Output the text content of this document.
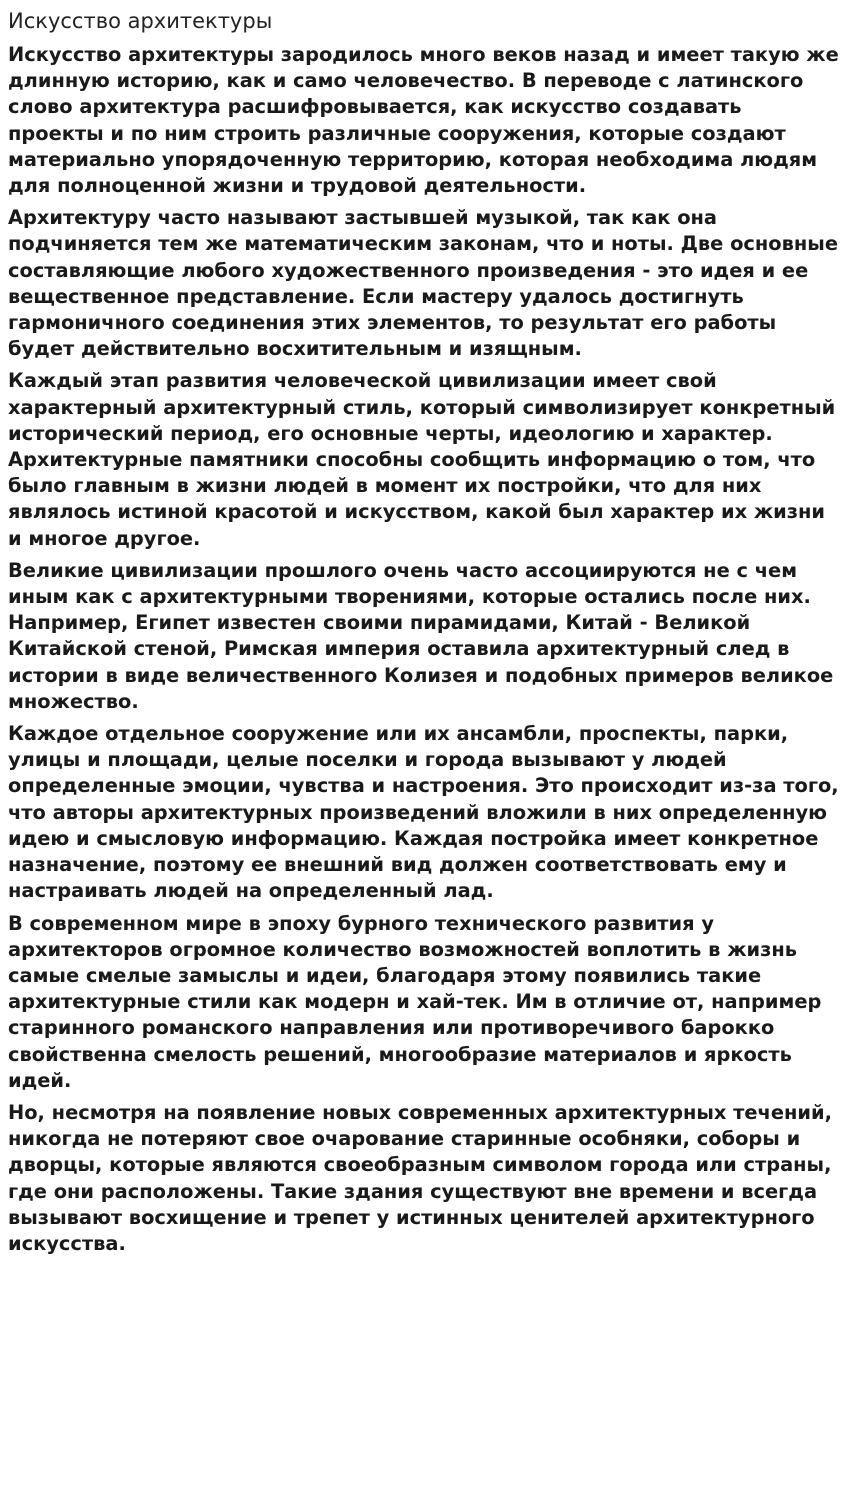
Искусство архитектуры

Искусство архитектуры зародилось много веков назад и имеет такую же длинную историю, как и само человечество. В переводе с латинского слово архитектура расшифровывается, как искусство создавать проекты и по ним строить различные сооружения, которые создают материально упорядоченную территорию, которая необходима людям для полноценной жизни и трудовой деятельности.

Архитектуру часто называют застывшей музыкой, так как она подчиняется тем же математическим законам, что и ноты. Две основные составляющие любого художественного произведения - это идея и ее вещественное представление. Если мастеру удалось достигнуть гармоничного соединения этих элементов, то результат его работы будет действительно восхитительным и изящным.

Каждый этап развития человеческой цивилизации имеет свой характерный архитектурный стиль, который символизирует конкретный исторический период, его основные черты, идеологию и характер. Архитектурные памятники способны сообщить информацию о том, что было главным в жизни людей в момент их постройки, что для них являлось истиной красотой и искусством, какой был характер их жизни и многое другое.

Великие цивилизации прошлого очень часто ассоциируются не с чем иным как с архитектурными творениями, которые остались после них. Например, Египет известен своими пирамидами, Китай - Великой Китайской стеной, Римская империя оставила архитектурный след в истории в виде величественного Колизея и подобных примеров великое множество.

Каждое отдельное сооружение или их ансамбли, проспекты, парки, улицы и площади, целые поселки и города вызывают у людей определенные эмоции, чувства и настроения. Это происходит из-за того, что авторы архитектурных произведений вложили в них определенную идею и смысловую информацию. Каждая постройка имеет конкретное назначение, поэтому ее внешний вид должен соответствовать ему и настраивать людей на определенный лад.

В современном мире в эпоху бурного технического развития у архитекторов огромное количество возможностей воплотить в жизнь самые смелые замыслы и идеи, благодаря этому появились такие архитектурные стили как модерн и хай-тек. Им в отличие от, например старинного романского направления или противоречивого барокко свойственна смелость решений, многообразие материалов и яркость идей.

Но, несмотря на появление новых современных архитектурных течений, никогда не потеряют свое очарование старинные особняки, соборы и дворцы, которые являются своеобразным символом города или страны, где они расположены. Такие здания существуют вне времени и всегда вызывают восхищение и трепет у истинных ценителей архитектурного искусства.
